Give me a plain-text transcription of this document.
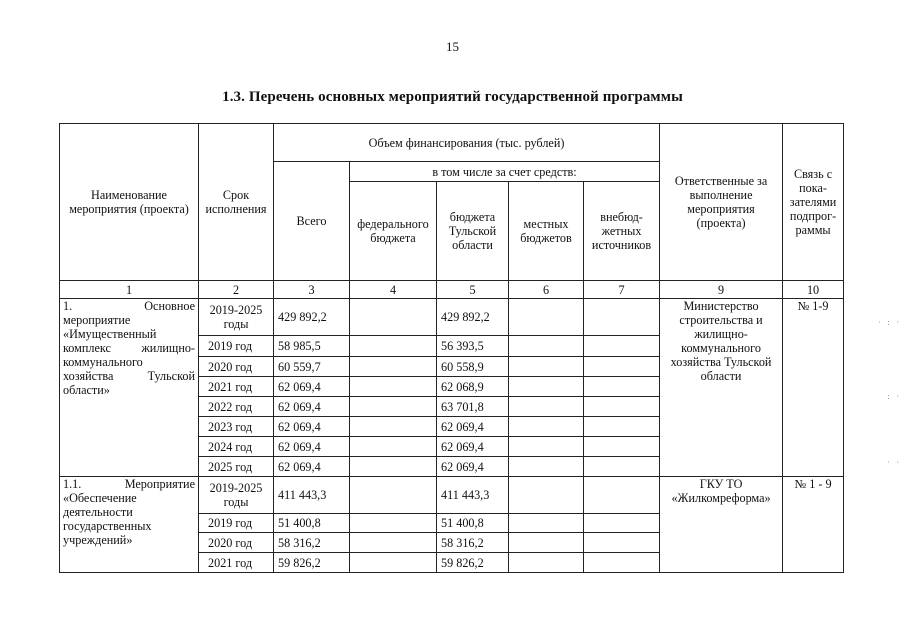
15
1.3. Перечень основных мероприятий государственной программы
Наименование мероприятия (проекта)	Срок исполнения	Объем финансирования (тыс. рублей)					Ответственные за выполнение мероприятия (проекта)	Связь с пока-зателями подпрог-раммы
		Всего	в том числе за счет средств:					
			федерального бюджета	бюджета Тульской области	местных бюджетов	внебюд-жетных источников		
1	2	3	4	5	6	7	9	10
1. Основное мероприятие «Имущественный комплекс жилищно-коммунального хозяйства Тульской области»	2019-2025 годы	429 892,2		429 892,2			Министерство строительства и жилищно-коммунального хозяйства Тульской области	№ 1-9
	2019 год	58 985,5		56 393,5				
	2020 год	60 559,7		60 558,9				
	2021 год	62 069,4		62 068,9				
	2022 год	62 069,4		63 701,8				
	2023 год	62 069,4		62 069,4				
	2024 год	62 069,4		62 069,4				
	2025 год	62 069,4		62 069,4				
1.1. Мероприятие «Обеспечение деятельности государственных учреждений»	2019-2025 годы	411 443,3		411 443,3			ГКУ ТО «Жилкомреформа»	№ 1 - 9
	2019 год	51 400,8		51 400,8				
	2020 год	58 316,2		58 316,2				
	2021 год	59 826,2		59 826,2				
· : ·
: ·
· ·
